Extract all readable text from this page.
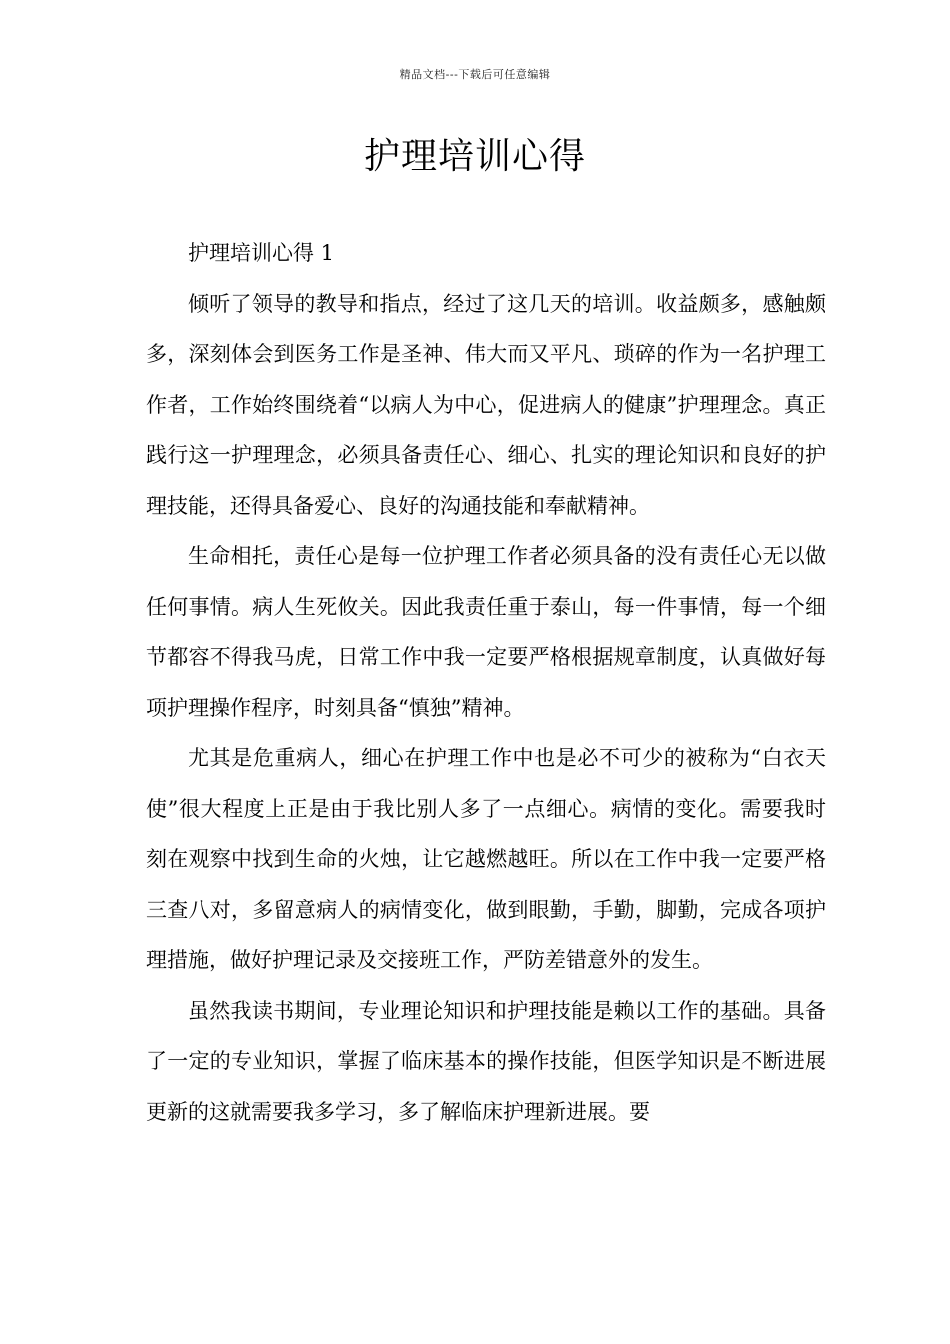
精品文档---下载后可任意编辑
护理培训心得

护理培训心得 1

倾听了领导的教导和指点，经过了这几天的培训。收益颇多，感触颇多，深刻体会到医务工作是圣神、伟大而又平凡、琐碎的作为一名护理工作者，工作始终围绕着“以病人为中心，促进病人的健康”护理理念。真正践行这一护理理念，必须具备责任心、细心、扎实的理论知识和良好的护理技能，还得具备爱心、良好的沟通技能和奉献精神。

生命相托，责任心是每一位护理工作者必须具备的没有责任心无以做任何事情。病人生死攸关。因此我责任重于泰山，每一件事情，每一个细节都容不得我马虎，日常工作中我一定要严格根据规章制度，认真做好每项护理操作程序，时刻具备“慎独”精神。

尤其是危重病人，细心在护理工作中也是必不可少的被称为“白衣天使”很大程度上正是由于我比别人多了一点细心。病情的变化。需要我时刻在观察中找到生命的火烛，让它越燃越旺。所以在工作中我一定要严格三查八对，多留意病人的病情变化，做到眼勤，手勤，脚勤，完成各项护理措施，做好护理记录及交接班工作，严防差错意外的发生。

虽然我读书期间，专业理论知识和护理技能是赖以工作的基础。具备了一定的专业知识，掌握了临床基本的操作技能，但医学知识是不断进展更新的这就需要我多学习，多了解临床护理新进展。要
